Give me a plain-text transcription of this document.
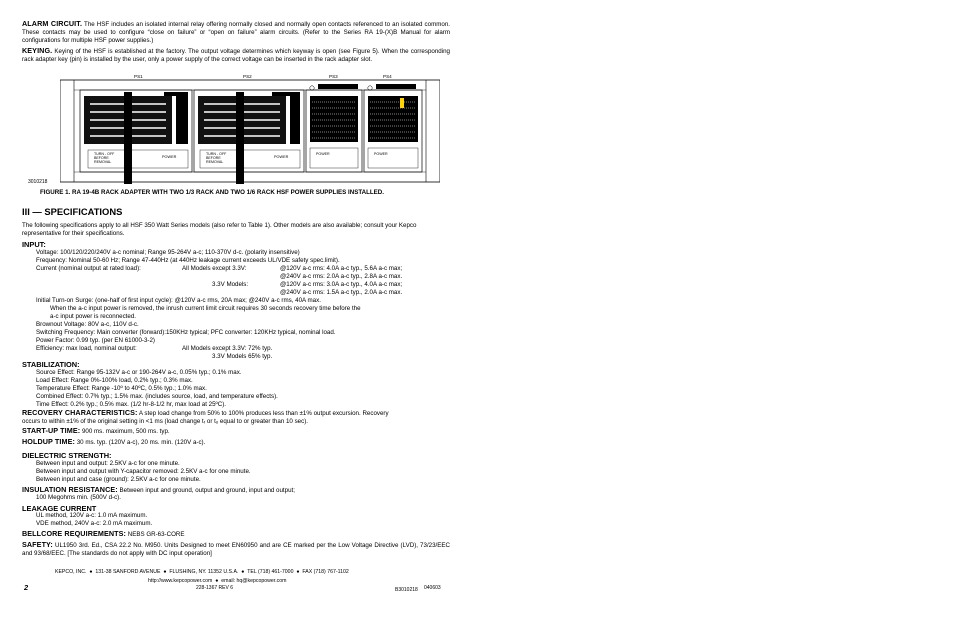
ALARM CIRCUIT. The HSF includes an isolated internal relay offering normally closed and normally open contacts referenced to an isolated common. These contacts may be used to configure “close on failure” or “open on failure” alarm circuits. (Refer to the Series RA 19-(X)B Manual for alarm configurations for multiple HSF power supplies.)
KEYING. Keying of the HSF is established at the factory. The output voltage determines which keyway is open (see Figure 5). When the corresponding rack adapter key (pin) is installed by the user, only a power supply of the correct voltage can be inserted in the rack adapter slot.
PS1	PS2	PS3	PS4
TURN - OFF
BEFORE
REMOVAL
POWER
TURN - OFF
BEFORE
REMOVAL
POWER
POWER	POWER
3010218
FIGURE 1. RA 19-4B RACK ADAPTER WITH TWO 1/3 RACK AND TWO 1/6 RACK HSF POWER SUPPLIES INSTALLED.
III — SPECIFICATIONS
The following specifications apply to all HSF 350 Watt Series models (also refer to Table 1). Other models are also available; consult your Kepco representative for their specifications.
INPUT:
Voltage: 100/120/220/240V a-c nominal; Range 95-264V a-c; 110-370V d-c. (polarity insensitive)
Frequency: Nominal 50-60 Hz; Range 47-440Hz (at 440Hz leakage current exceeds UL/VDE safety spec.limit).
Current (nominal output at rated load):	All Models except 3.3V:	@120V a-c rms: 4.0A a-c typ., 5.6A a-c max;
@240V a-c rms: 2.0A a-c typ., 2.8A a-c max.
3.3V Models:	@120V a-c rms: 3.0A a-c typ., 4.0A a-c max;
@240V a-c rms: 1.5A a-c typ., 2.0A a-c max.
Initial Turn-on Surge: (one-half of first input cycle): @120V a-c rms, 20A max; @240V a-c rms, 40A max.
When the a-c input power is removed, the inrush current limit circuit requires 30 seconds recovery time before the
a-c input power is reconnected.
Brownout Voltage: 80V a-c, 110V d-c.
Switching Frequency: Main converter (forward):150KHz typical; PFC converter: 120KHz typical, nominal load.
Power Factor: 0.99 typ. (per EN 61000-3-2)
Efficiency: max load, nominal output:	All Models except 3.3V: 72% typ.
3.3V Models 65% typ.
STABILIZATION:
Source Effect: Range 95-132V a-c or 190-264V a-c, 0.05% typ.; 0.1% max.
Load Effect: Range 0%-100% load, 0.2% typ.; 0.3% max.
Temperature Effect: Range -10º to 40ºC, 0.5% typ.; 1.0% max.
Combined Effect: 0.7% typ.; 1.5% max. (includes source, load, and temperature effects).
Time Effect: 0.2% typ.; 0.5% max. (1/2 hr-8-1/2 hr, max load at 25ºC).
RECOVERY CHARACTERISTICS: A step load change from 50% to 100% produces less than ±1% output excursion. Recovery
occurs to within ±1% of the original setting in <1 ms (load change tᵣ or tₒ equal to or greater than 10 sec).
START-UP TIME: 900 ms. maximum, 500 ms. typ.
HOLDUP TIME: 30 ms. typ. (120V a-c), 20 ms. min. (120V a-c).
DIELECTRIC STRENGTH:
Between input and output: 2.5KV a-c for one minute.
Between input and output with Y-capacitor removed: 2.5KV a-c for one minute.
Between input and case (ground): 2.5KV a-c for one minute.
INSULATION RESISTANCE: Between input and ground, output and ground, input and output;
100 Megohms min. (500V d-c).
LEAKAGE CURRENT
UL method, 120V a-c: 1.0 mA maximum.
VDE method, 240V a-c: 2.0 mA maximum.
BELLCORE REQUIREMENTS: NEBS GR-63-CORE
SAFETY: UL1950 3rd. Ed., CSA 22.2 No. M950. Units Designed to meet EN60950 and are CE marked per the Low Voltage Directive (LVD), 73/23/EEC and 93/68/EEC. [The standards do not apply with DC input operation]
KEPCO, INC.  ●  131-38 SANFORD AVENUE  ●  FLUSHING, NY. 11352 U.S.A.  ●  TEL (718) 461-7000  ●  FAX (718) 767-1102
http://www.kepcopower.com  ●  email: hq@kepcopower.com
2	228-1367 REV 6	B3010218 040603
